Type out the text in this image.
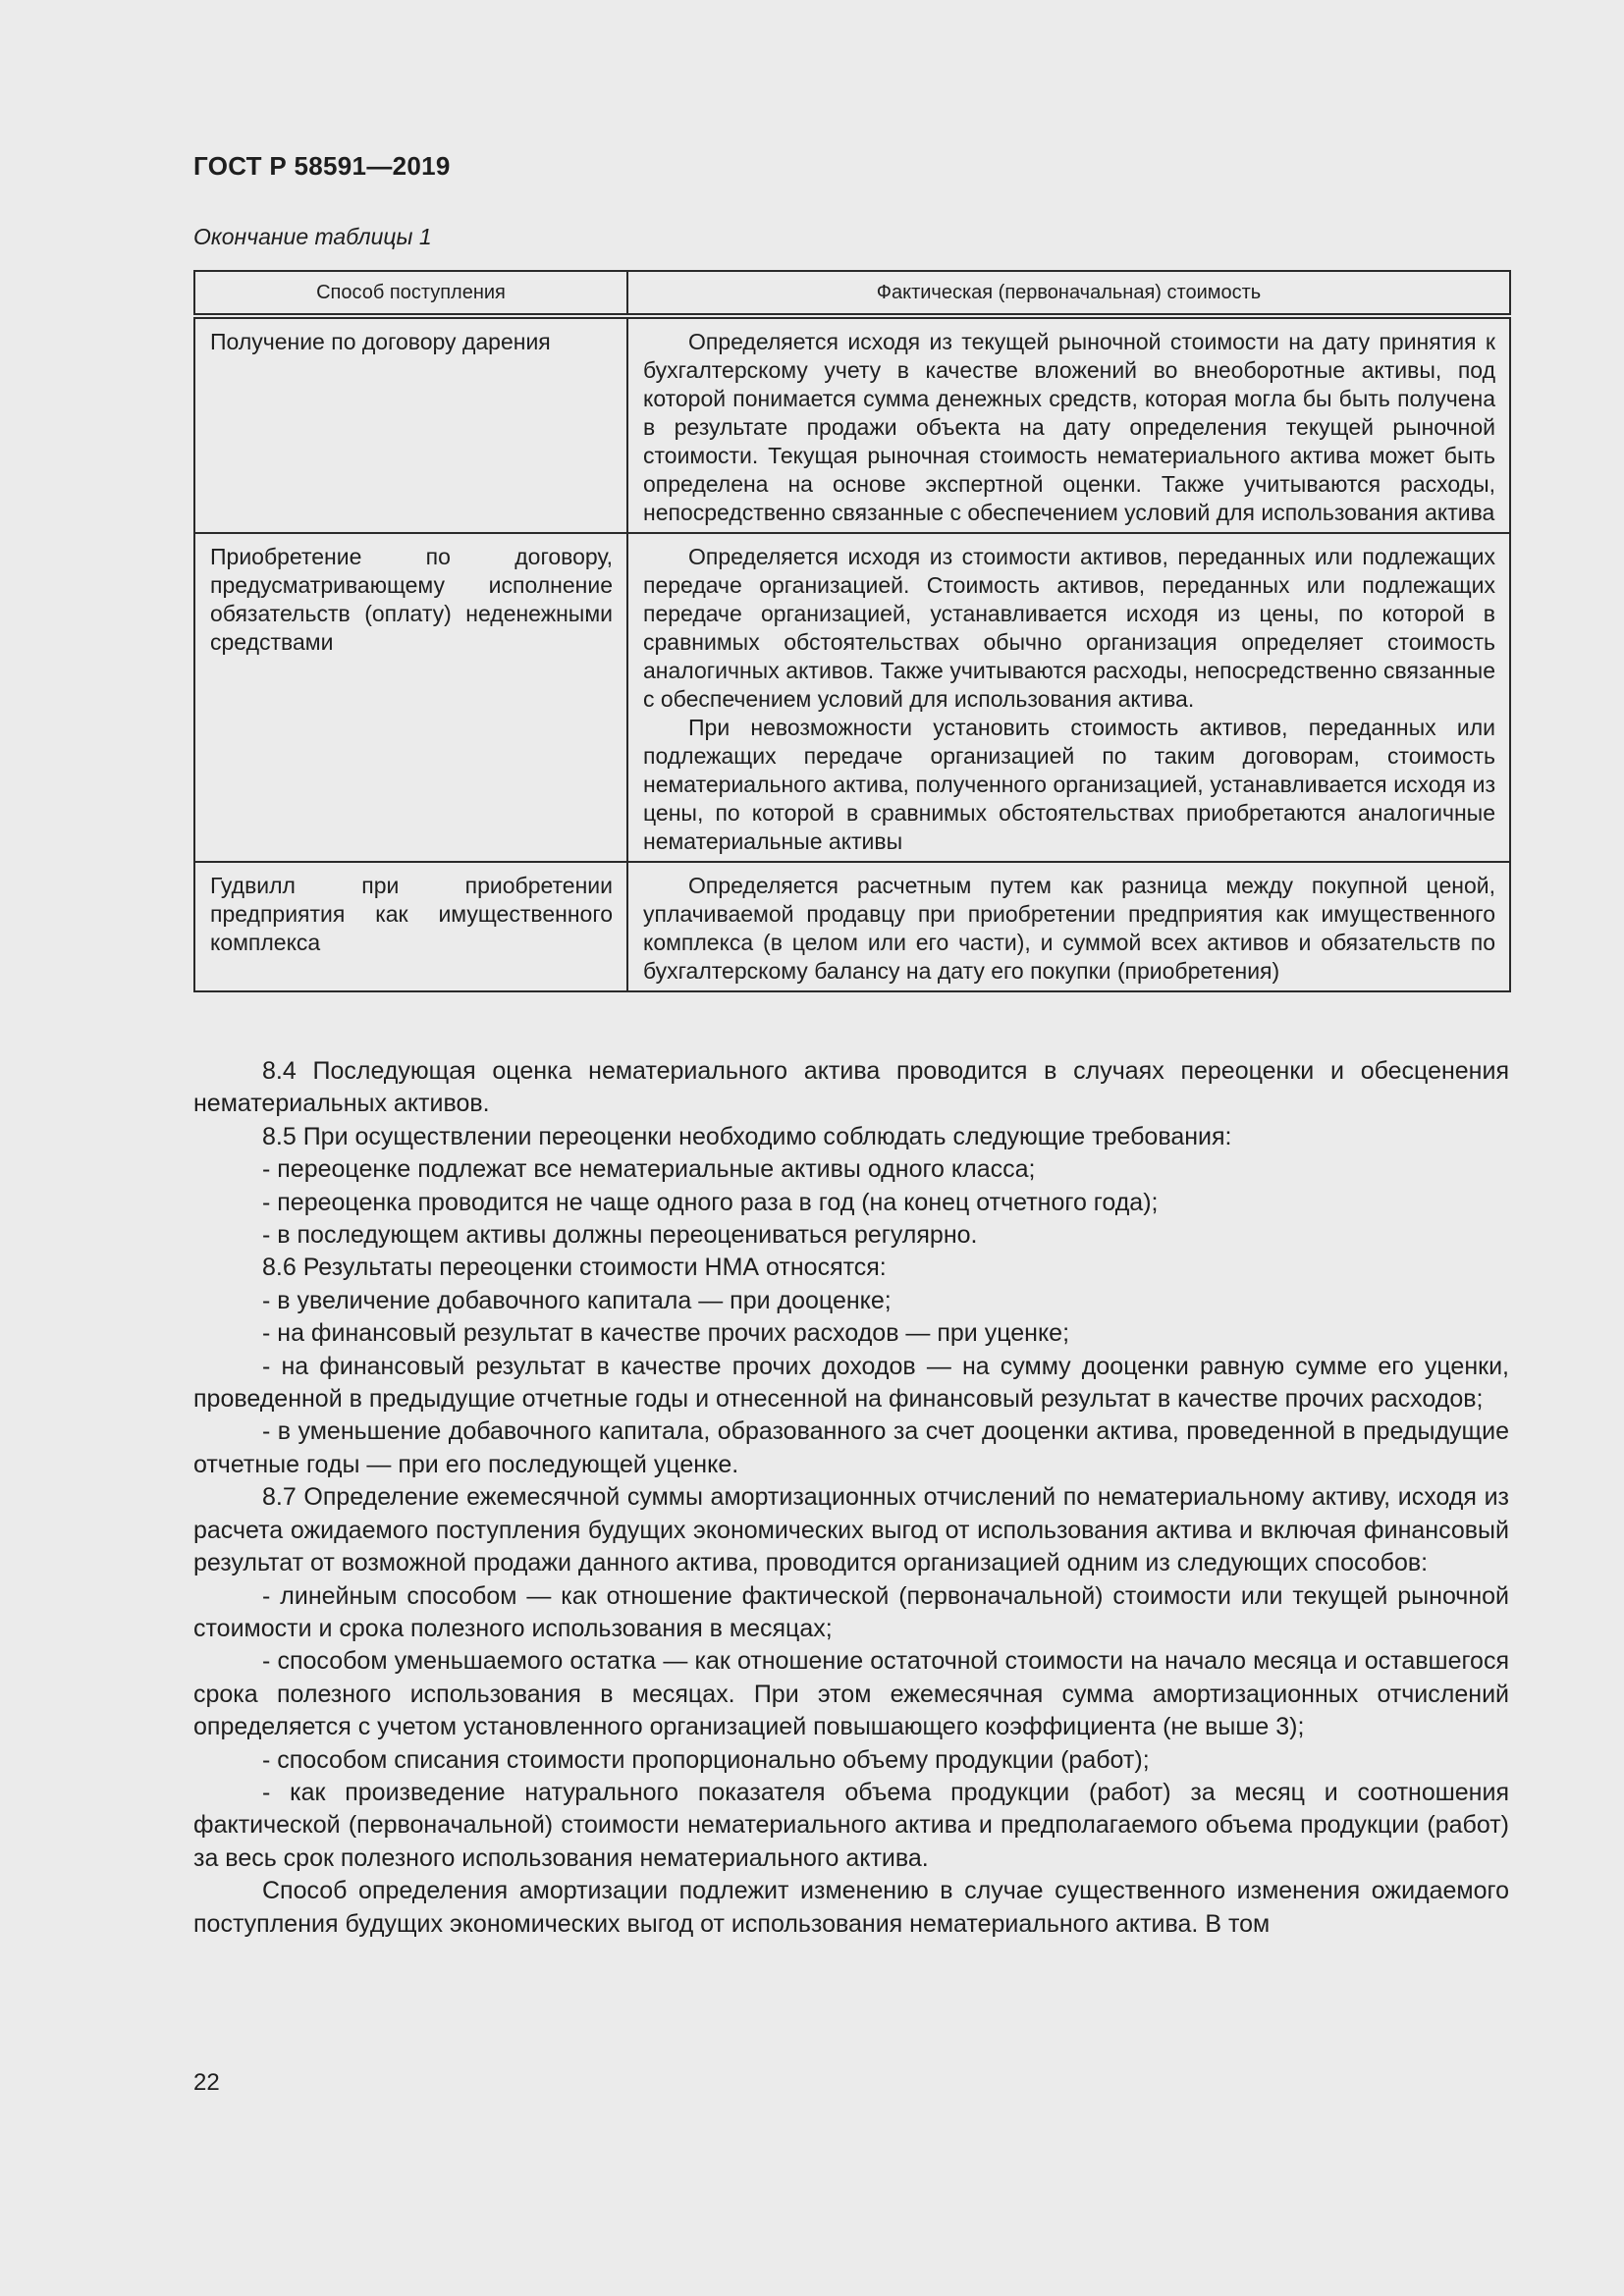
ГОСТ Р 58591—2019
Окончание таблицы 1
Способ поступления	Фактическая (первоначальная) стоимость
Получение по договору дарения	Определяется исходя из текущей рыночной стоимости на дату принятия к бухгалтерскому учету в качестве вложений во внеоборотные активы, под которой понимается сумма денежных средств, которая могла бы быть получена в результате продажи объекта на дату определения текущей рыночной стоимости. Текущая рыночная стоимость нематериального актива может быть определена на основе экспертной оценки. Также учитываются расходы, непосредственно связанные с обеспечением условий для использования актива

Приобретение по договору, предусматривающему исполнение обязательств (оплату) неденежными средствами	Определяется исходя из стоимости активов, переданных или подлежащих передаче организацией. Стоимость активов, переданных или подлежащих передаче организацией, устанавливается исходя из цены, по которой в сравнимых обстоятельствах обычно организация определяет стоимость аналогичных активов. Также учитываются расходы, непосредственно связанные с обеспечением условий для использования актива.

При невозможности установить стоимость активов, переданных или подлежащих передаче организацией по таким договорам, стоимость нематериального актива, полученного организацией, устанавливается исходя из цены, по которой в сравнимых обстоятельствах приобретаются аналогичные нематериальные активы

Гудвилл при приобретении предприятия как имущественного комплекса	Определяется расчетным путем как разница между покупной ценой, уплачиваемой продавцу при приобретении предприятия как имущественного комплекса (в целом или его части), и суммой всех активов и обязательств по бухгалтерскому балансу на дату его покупки (приобретения)

8.4 Последующая оценка нематериального актива проводится в случаях переоценки и обесценения нематериальных активов.

8.5 При осуществлении переоценки необходимо соблюдать следующие требования:

- переоценке подлежат все нематериальные активы одного класса;

- переоценка проводится не чаще одного раза в год (на конец отчетного года);

- в последующем активы должны переоцениваться регулярно.

8.6 Результаты переоценки стоимости НМА относятся:

- в увеличение добавочного капитала — при дооценке;

- на финансовый результат в качестве прочих расходов — при уценке;

- на финансовый результат в качестве прочих доходов — на сумму дооценки равную сумме его уценки, проведенной в предыдущие отчетные годы и отнесенной на финансовый результат в качестве прочих расходов;

- в уменьшение добавочного капитала, образованного за счет дооценки актива, проведенной в предыдущие отчетные годы — при его последующей уценке.

8.7 Определение ежемесячной суммы амортизационных отчислений по нематериальному активу, исходя из расчета ожидаемого поступления будущих экономических выгод от использования актива и включая финансовый результат от возможной продажи данного актива, проводится организацией одним из следующих способов:

- линейным способом — как отношение фактической (первоначальной) стоимости или текущей рыночной стоимости и срока полезного использования в месяцах;

- способом уменьшаемого остатка — как отношение остаточной стоимости на начало месяца и оставшегося срока полезного использования в месяцах. При этом ежемесячная сумма амортизационных отчислений определяется с учетом установленного организацией повышающего коэффициента (не выше 3);

- способом списания стоимости пропорционально объему продукции (работ);

- как произведение натурального показателя объема продукции (работ) за месяц и соотношения фактической (первоначальной) стоимости нематериального актива и предполагаемого объема продукции (работ) за весь срок полезного использования нематериального актива.

Способ определения амортизации подлежит изменению в случае существенного изменения ожидаемого поступления будущих экономических выгод от использования нематериального актива. В том

22
